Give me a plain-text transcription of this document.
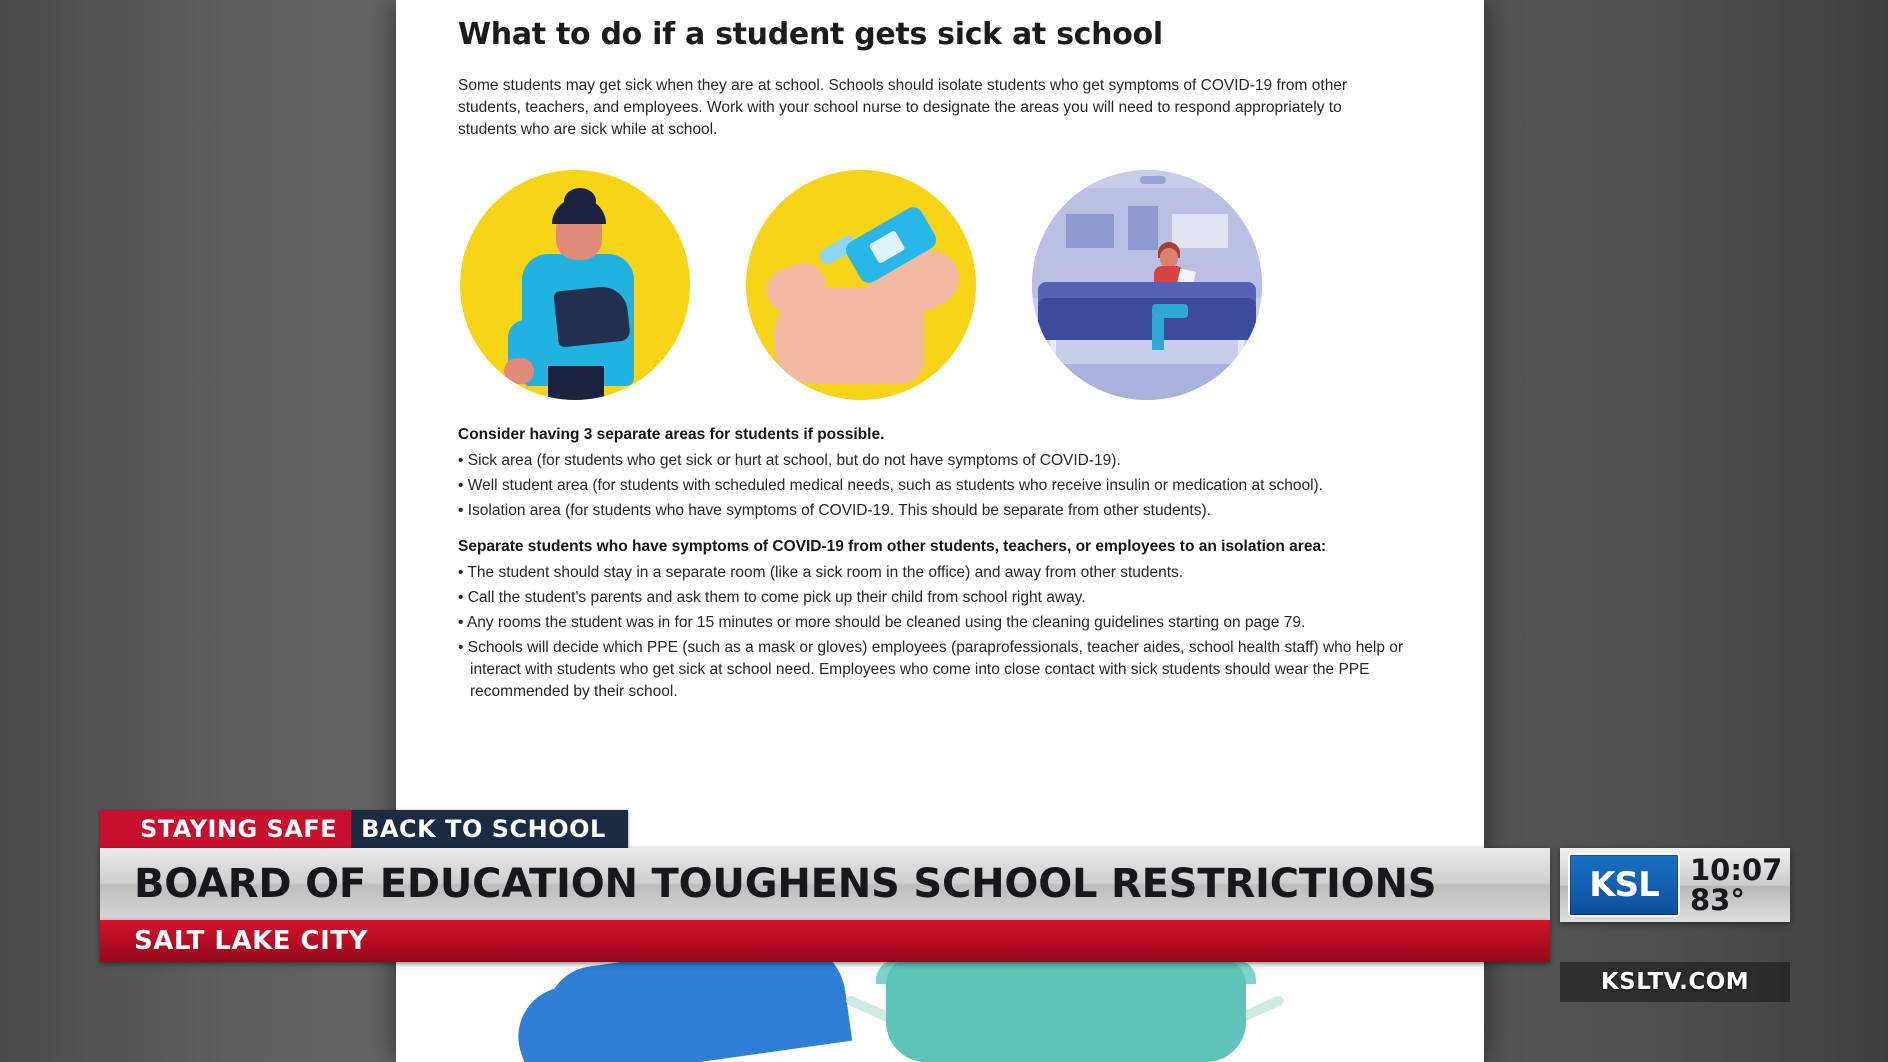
What to do if a student gets sick at school

Some students may get sick when they are at school. Schools should isolate students who get symptoms of COVID-19 from other students, teachers, and employees. Work with your school nurse to designate the areas you will need to respond appropriately to students who are sick while at school.

Consider having 3 separate areas for students if possible.
• Sick area (for students who get sick or hurt at school, but do not have symptoms of COVID-19).
• Well student area (for students with scheduled medical needs, such as students who receive insulin or medication at school).
• Isolation area (for students who have symptoms of COVID-19. This should be separate from other students).
Separate students who have symptoms of COVID-19 from other students, teachers, or employees to an isolation area:
• The student should stay in a separate room (like a sick room in the office) and away from other students.
• Call the student's parents and ask them to come pick up their child from school right away.
• Any rooms the student was in for 15 minutes or more should be cleaned using the cleaning guidelines starting on page 79.
• Schools will decide which PPE (such as a mask or gloves) employees (paraprofessionals, teacher aides, school health staff) who help or interact with students who get sick at school need. Employees who come into close contact with sick students should wear the PPE recommended by their school.
STAYING SAFE	BACK TO SCHOOL
BOARD OF EDUCATION TOUGHENS SCHOOL RESTRICTIONS
SALT LAKE CITY
KSL	10:07
83°
KSLTV.COM
